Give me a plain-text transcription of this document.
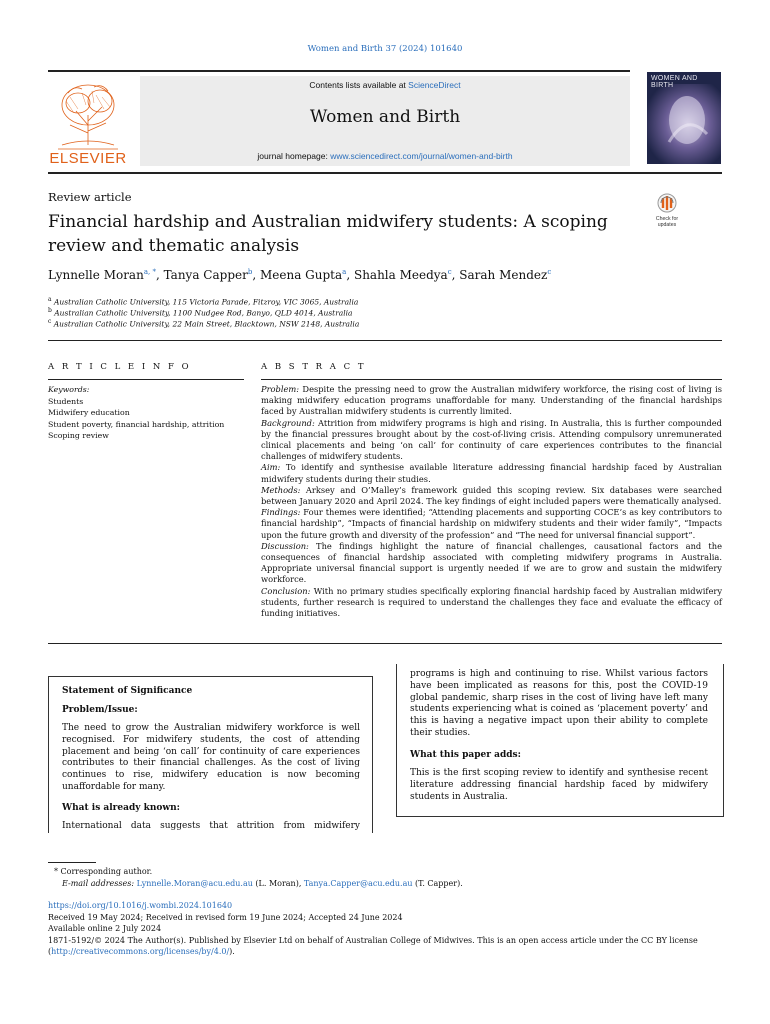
Women and Birth 37 (2024) 101640
ELSEVIER
Contents lists available at ScienceDirect
Women and Birth
journal homepage: www.sciencedirect.com/journal/women-and-birth
WOMEN AND BIRTH
Review article
Financial hardship and Australian midwifery students: A scoping review and thematic analysis
Check for
updates
Lynnelle Moran$^{a, *}$, Tanya Capper$^b$, Meena Gupta$^a$, Shahla Meedya$^c$, Sarah Mendez$^c$
$^a$ Australian Catholic University, 115 Victoria Parade, Fitzroy, VIC 3065, Australia
$^b$ Australian Catholic University, 1100 Nudgee Rod, Banyo, QLD 4014, Australia
$^c$ Australian Catholic University, 22 Main Street, Blacktown, NSW 2148, Australia
A R T I C L E I N F O
Keywords:
Students
Midwifery education
Student poverty, financial hardship, attrition
Scoping review
A B S T R A C T

Problem: Despite the pressing need to grow the Australian midwifery workforce, the rising cost of living is making midwifery education programs unaffordable for many. Understanding of the financial hardships faced by Australian midwifery students is currently limited.

Background: Attrition from midwifery programs is high and rising. In Australia, this is further compounded by the financial pressures brought about by the cost-of-living crisis. Attending compulsory unremunerated clinical placements and being ‘on call’ for continuity of care experiences contributes to the financial challenges of midwifery students.

Aim: To identify and synthesise available literature addressing financial hardship faced by Australian midwifery students during their studies.

Methods: Arksey and O’Malley’s framework guided this scoping review. Six databases were searched between January 2020 and April 2024. The key findings of eight included papers were thematically analysed.

Findings: Four themes were identified; “Attending placements and supporting COCE’s as key contributors to financial hardship”, “Impacts of financial hardship on midwifery students and their wider family”, “Impacts upon the future growth and diversity of the profession” and “The need for universal financial support”.

Discussion: The findings highlight the nature of financial challenges, causational factors and the consequences of financial hardship associated with completing midwifery programs in Australia. Appropriate universal financial support is urgently needed if we are to grow and sustain the midwifery workforce.

Conclusion: With no primary studies specifically exploring financial hardship faced by Australian midwifery students, further research is required to understand the challenges they face and evaluate the efficacy of funding initiatives.

Statement of Significance
Problem/Issue:
The need to grow the Australian midwifery workforce is well recognised. For midwifery students, the cost of attending placement and being ‘on call’ for continuity of care experiences contributes to their financial challenges. As the cost of living continues to rise, midwifery education is now becoming unaffordable for many.
What is already known:
International data suggests that attrition from midwifery
programs is high and continuing to rise. Whilst various factors have been implicated as reasons for this, post the COVID-19 global pandemic, sharp rises in the cost of living have left many students experiencing what is coined as ‘placement poverty’ and this is having a negative impact upon their ability to complete their studies.
What this paper adds:
This is the first scoping review to identify and synthesise recent literature addressing financial hardship faced by midwifery students in Australia.
* Corresponding author.
E-mail addresses: Lynnelle.Moran@acu.edu.au (L. Moran), Tanya.Capper@acu.edu.au (T. Capper).
https://doi.org/10.1016/j.wombi.2024.101640
Received 19 May 2024; Received in revised form 19 June 2024; Accepted 24 June 2024
Available online 2 July 2024
1871-5192/© 2024 The Author(s). Published by Elsevier Ltd on behalf of Australian College of Midwives. This is an open access article under the CC BY license
(http://creativecommons.org/licenses/by/4.0/).
